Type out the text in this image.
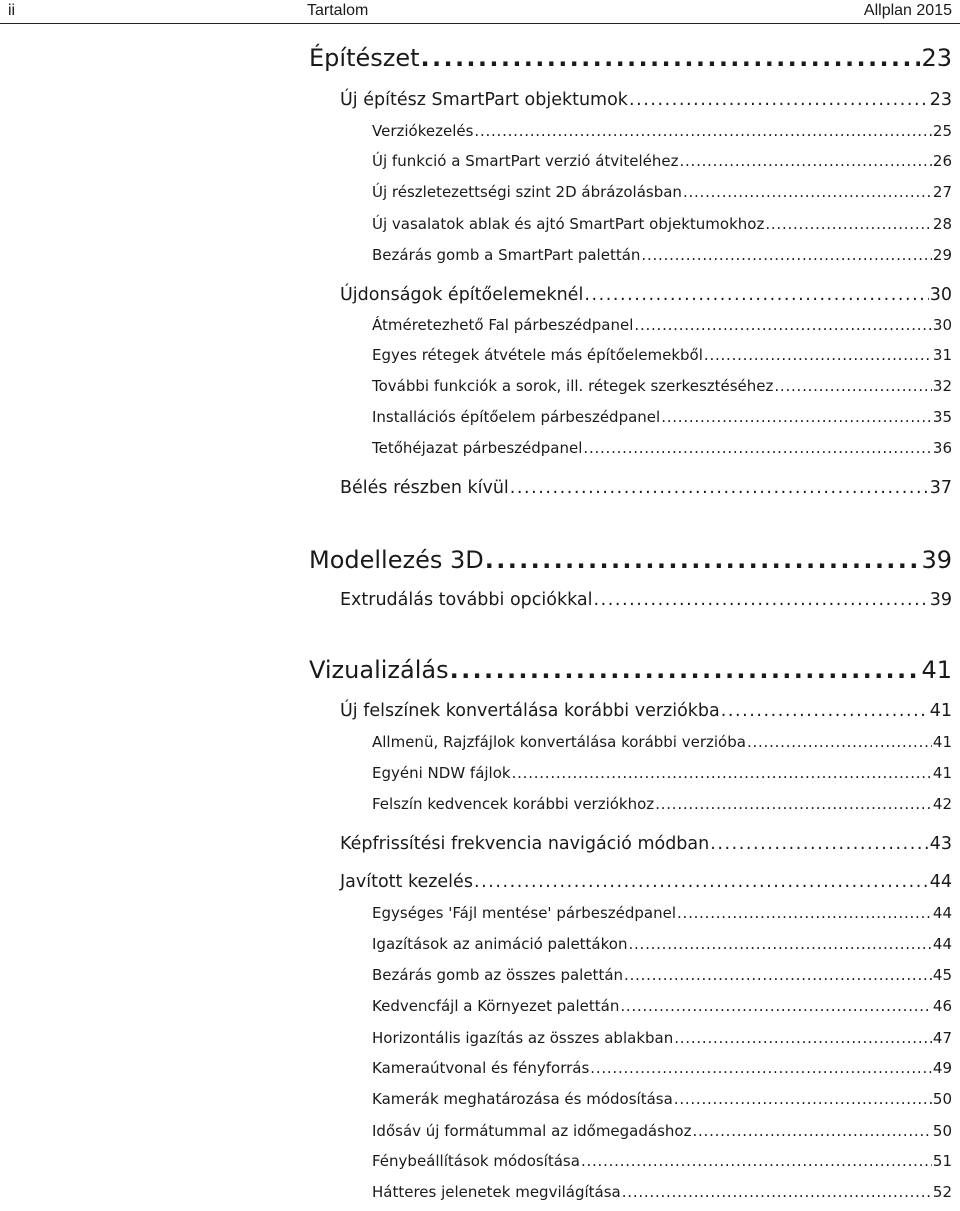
ii	Tartalom	Allplan 2015
Építészet . . .	23
Új építész SmartPart objektumok . . .	23
Verziókezelés . . .	25
Új funkció a SmartPart verzió átviteléhez . . .	26
Új részletezettségi szint 2D ábrázolásban . . .	27
Új vasalatok ablak és ajtó SmartPart objektumokhoz . . .	28
Bezárás gomb a SmartPart palettán . . .	29
Újdonságok építőelemeknél . . .	30
Átméretezhető Fal párbeszédpanel . . .	30
Egyes rétegek átvétele más építőelemekből . . .	31
További funkciók a sorok, ill. rétegek szerkesztéséhez . . .	32
Installációs építőelem párbeszédpanel . . .	35
Tetőhéjazat párbeszédpanel . . .	36
Bélés részben kívül . . .	37
Modellezés 3D . . .	39
Extrudálás további opciókkal . . .	39
Vizualizálás . . .	41
Új felszínek konvertálása korábbi verziókba . . .	41
Allmenü, Rajzfájlok konvertálása korábbi verzióba . . .	41
Egyéni NDW fájlok . . .	41
Felszín kedvencek korábbi verziókhoz . . .	42
Képfrissítési frekvencia navigáció módban . . .	43
Javított kezelés . . .	44
Egységes 'Fájl mentése' párbeszédpanel . . .	44
Igazítások az animáció palettákon . . .	44
Bezárás gomb az összes palettán . . .	45
Kedvencfájl a Környezet palettán . . .	46
Horizontális igazítás az összes ablakban . . .	47
Kameraútvonal és fényforrás . . .	49
Kamerák meghatározása és módosítása . . .	50
Idősáv új formátummal az időmegadáshoz . . .	50
Fénybeállítások módosítása . . .	51
Hátteres jelenetek megvilágítása . . .	52
